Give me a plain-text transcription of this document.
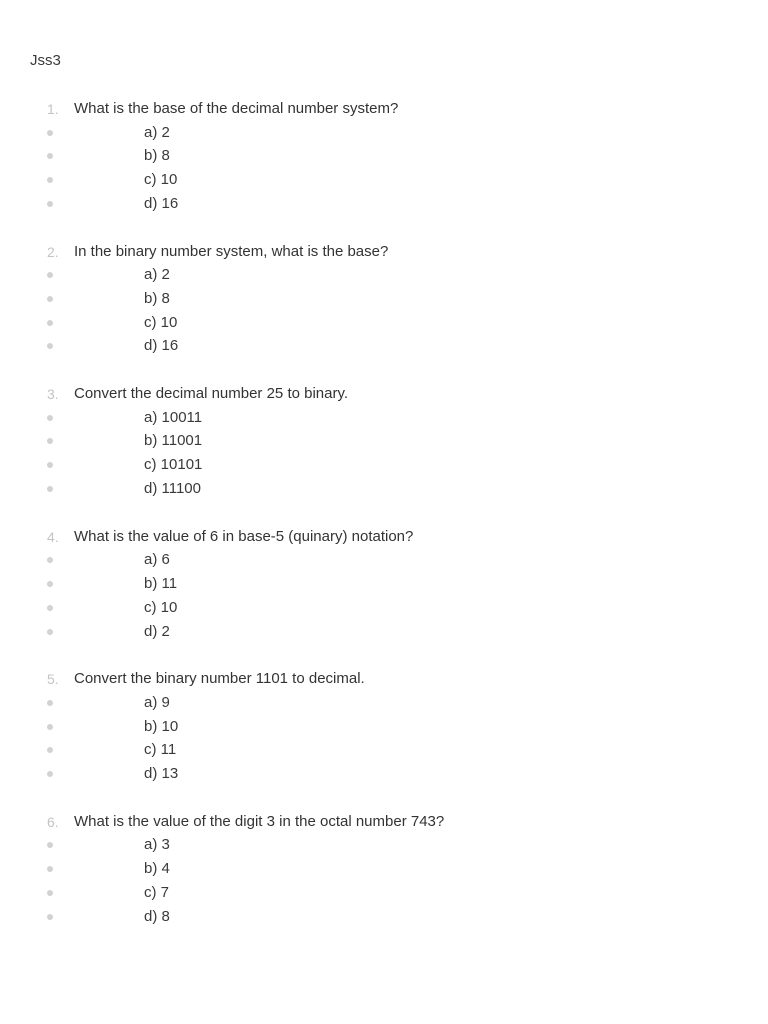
Jss3
1. What is the base of the decimal number system?
a) 2
b) 8
c) 10
d) 16
2. In the binary number system, what is the base?
a) 2
b) 8
c) 10
d) 16
3. Convert the decimal number 25 to binary.
a) 10011
b) 11001
c) 10101
d) 11100
4. What is the value of 6 in base-5 (quinary) notation?
a) 6
b) 11
c) 10
d) 2
5. Convert the binary number 1101 to decimal.
a) 9
b) 10
c) 11
d) 13
6. What is the value of the digit 3 in the octal number 743?
a) 3
b) 4
c) 7
d) 8
